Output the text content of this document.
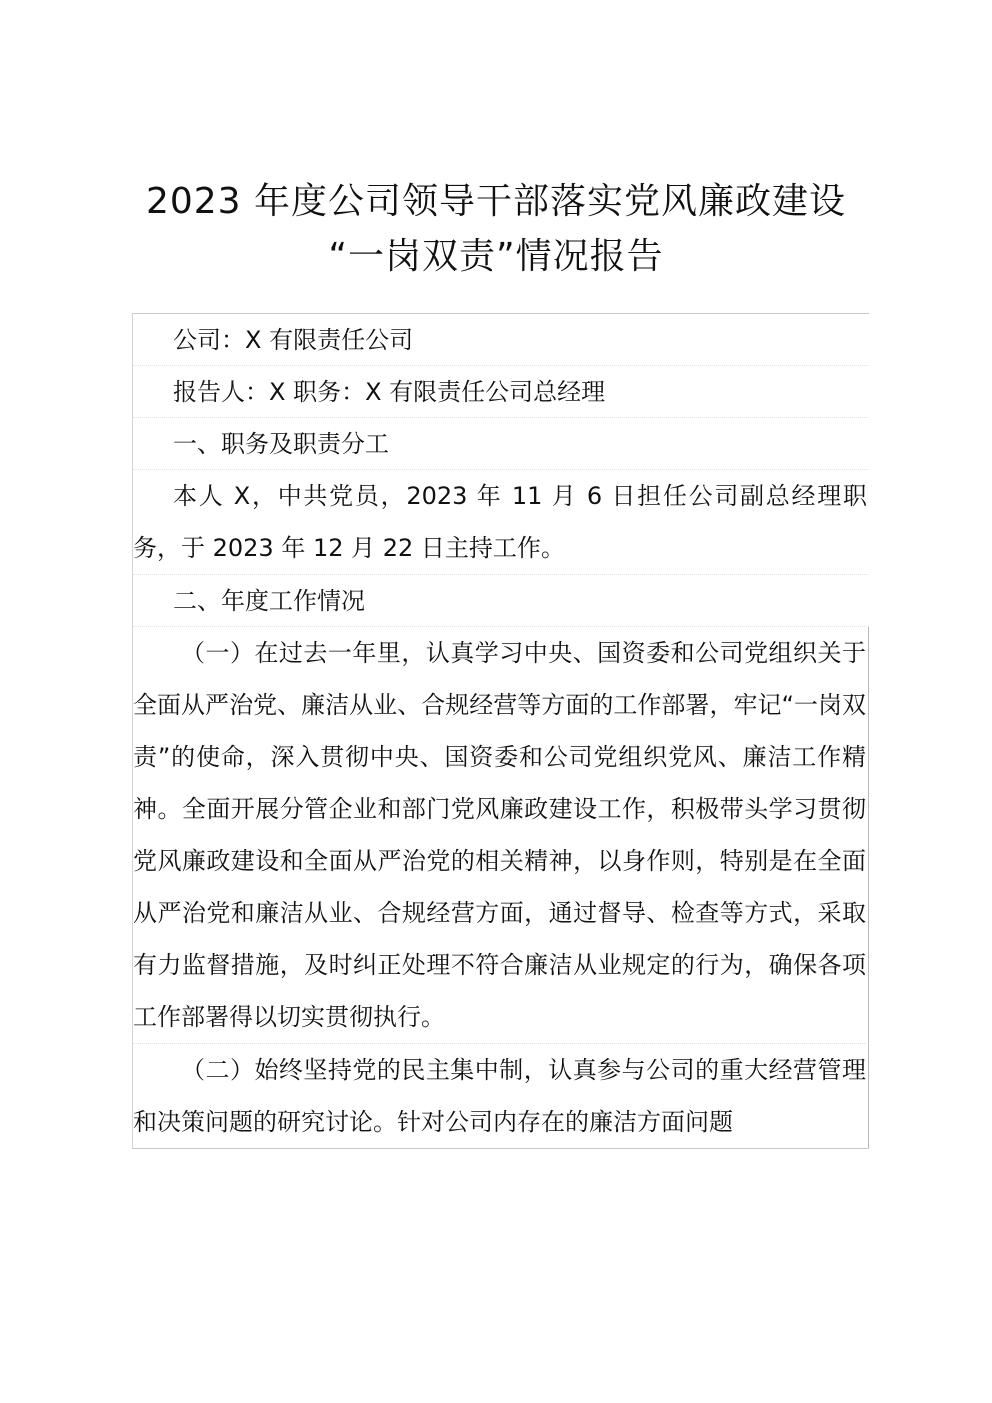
2023 年度公司领导干部落实党风廉政建设
“一岗双责”情况报告
公司：X 有限责任公司
报告人：X 职务：X 有限责任公司总经理
一、职务及职责分工
本人 X，中共党员，2023 年 11 月 6 日担任公司副总经理职务，于 2023 年 12 月 22 日主持工作。
二、年度工作情况
（一）在过去一年里，认真学习中央、国资委和公司党组织关于全面从严治党、廉洁从业、合规经营等方面的工作部署，牢记“一岗双责”的使命，深入贯彻中央、国资委和公司党组织党风、廉洁工作精神。全面开展分管企业和部门党风廉政建设工作，积极带头学习贯彻党风廉政建设和全面从严治党的相关精神，以身作则，特别是在全面从严治党和廉洁从业、合规经营方面，通过督导、检查等方式，采取有力监督措施，及时纠正处理不符合廉洁从业规定的行为，确保各项工作部署得以切实贯彻执行。
（二）始终坚持党的民主集中制，认真参与公司的重大经营管理和决策问题的研究讨论。针对公司内存在的廉洁方面问题
